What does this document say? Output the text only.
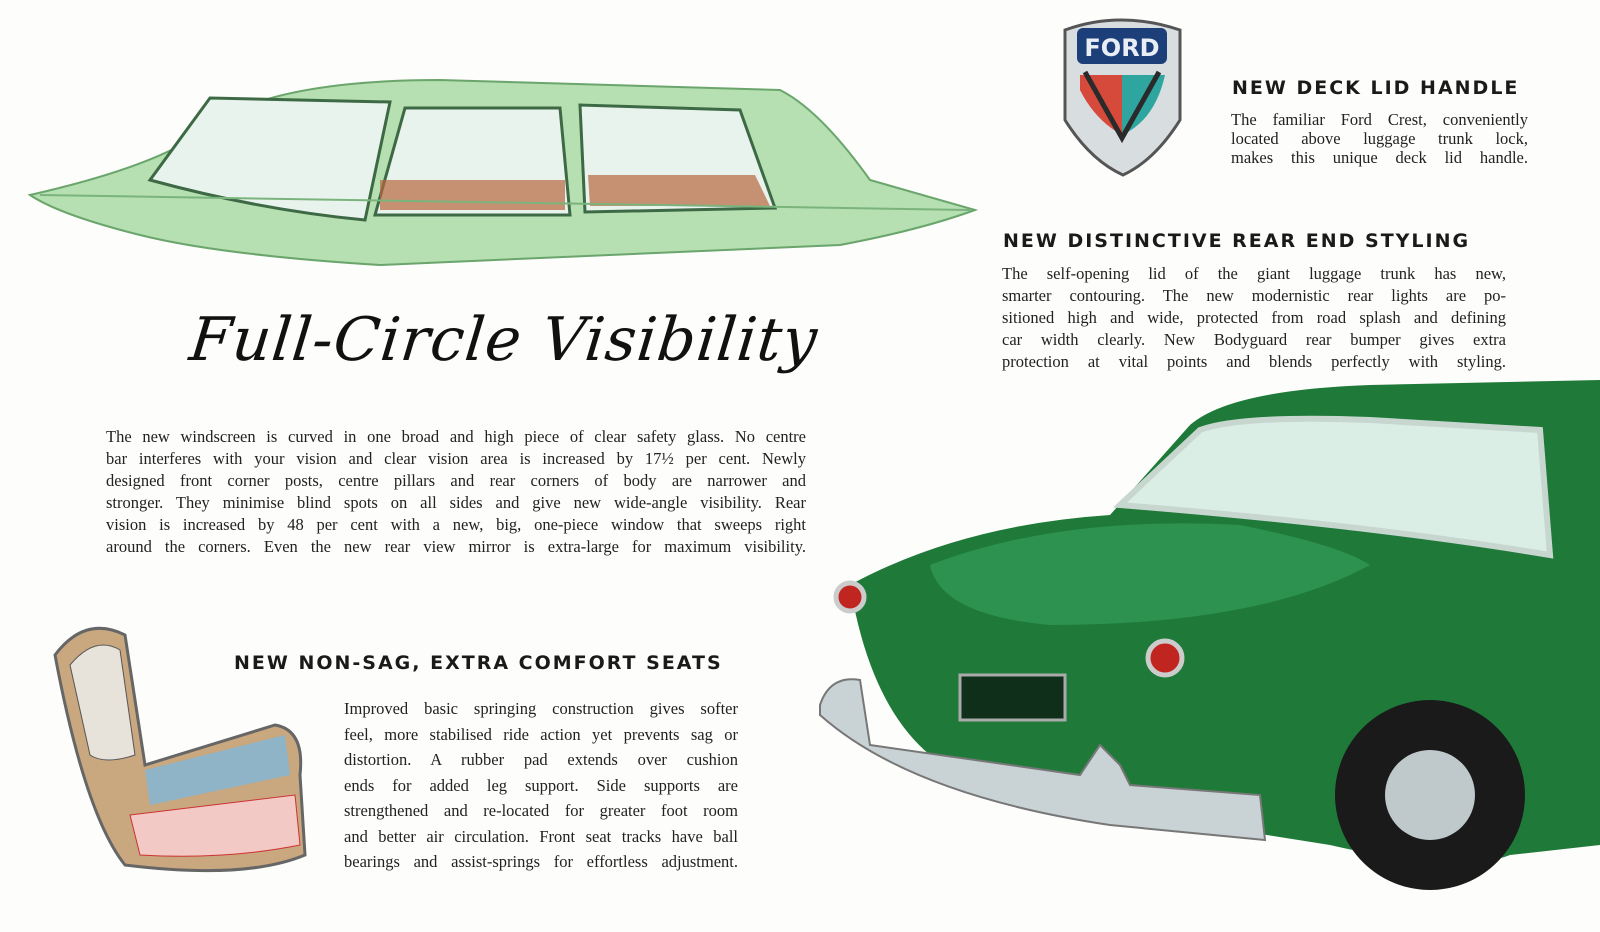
FORD
NEW DECK LID HANDLE
The familiar Ford Crest, conveniently
located above luggage trunk lock,
makes this unique deck lid handle.
NEW DISTINCTIVE REAR END STYLING
The self-opening lid of the giant luggage trunk has new,
smarter contouring. The new modernistic rear lights are po-
sitioned high and wide, protected from road splash and defining
car width clearly. New Bodyguard rear bumper gives extra
protection at vital points and blends perfectly with styling.
Full-Circle Visibility
The new windscreen is curved in one broad and high piece of clear safety glass. No centre
bar interferes with your vision and clear vision area is increased by 17½ per cent. Newly
designed front corner posts, centre pillars and rear corners of body are narrower and
stronger. They minimise blind spots on all sides and give new wide-angle visibility. Rear
vision is increased by 48 per cent with a new, big, one-piece window that sweeps right
around the corners. Even the new rear view mirror is extra-large for maximum visibility.
NEW NON-SAG, EXTRA COMFORT SEATS
Improved basic springing construction gives softer
feel, more stabilised ride action yet prevents sag or
distortion. A rubber pad extends over cushion
ends for added leg support. Side supports are
strengthened and re-located for greater foot room
and better air circulation. Front seat tracks have ball
bearings and assist-springs for effortless adjustment.
